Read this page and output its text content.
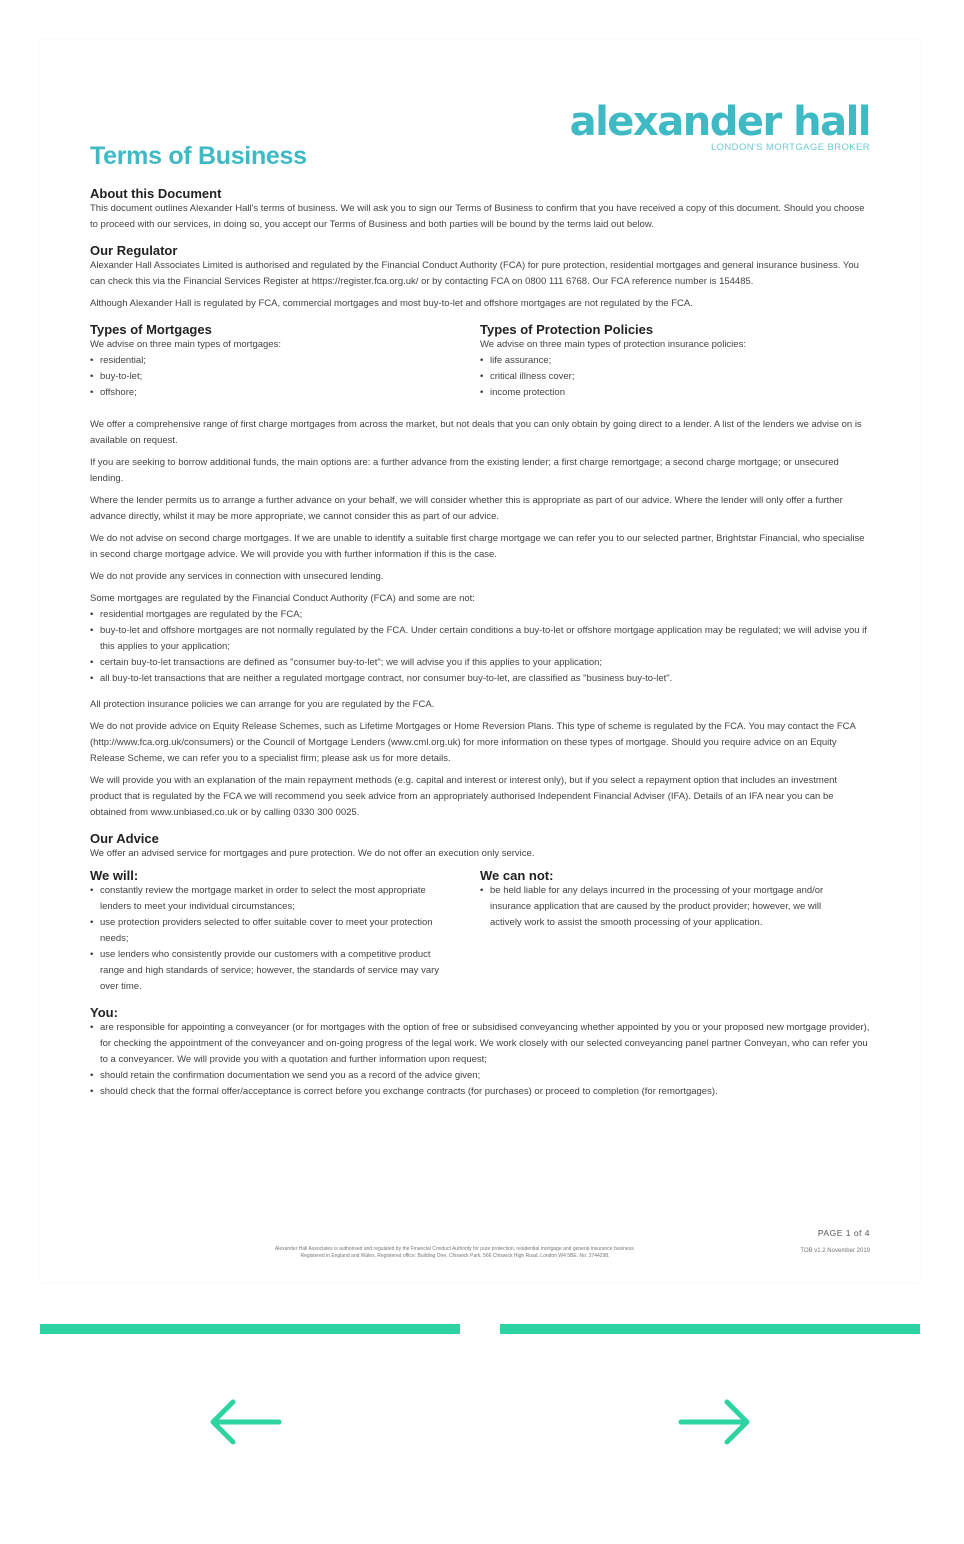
alexander hall
LONDON'S MORTGAGE BROKER
Terms of Business
About this Document

This document outlines Alexander Hall's terms of business. We will ask you to sign our Terms of Business to confirm that you have received a copy of this document. Should you choose to proceed with our services, in doing so, you accept our Terms of Business and both parties will be bound by the terms laid out below.

Our Regulator

Alexander Hall Associates Limited is authorised and regulated by the Financial Conduct Authority (FCA) for pure protection, residential mortgages and general insurance business. You can check this via the Financial Services Register at https://register.fca.org.uk/ or by contacting FCA on 0800 111 6768. Our FCA reference number is 154485.

Although Alexander Hall is regulated by FCA, commercial mortgages and most buy-to-let and offshore mortgages are not regulated by the FCA.

Types of Mortgages

We advise on three main types of mortgages:

• residential;
• buy-to-let;
• offshore;
Types of Protection Policies

We advise on three main types of protection insurance policies:

• life assurance;
• critical illness cover;
• income protection

We offer a comprehensive range of first charge mortgages from across the market, but not deals that you can only obtain by going direct to a lender. A list of the lenders we advise on is available on request.

If you are seeking to borrow additional funds, the main options are: a further advance from the existing lender; a first charge remortgage; a second charge mortgage; or unsecured lending.

Where the lender permits us to arrange a further advance on your behalf, we will consider whether this is appropriate as part of our advice. Where the lender will only offer a further advance directly, whilst it may be more appropriate, we cannot consider this as part of our advice.

We do not advise on second charge mortgages. If we are unable to identify a suitable first charge mortgage we can refer you to our selected partner, Brightstar Financial, who specialise in second charge mortgage advice. We will provide you with further information if this is the case.

We do not provide any services in connection with unsecured lending.

Some mortgages are regulated by the Financial Conduct Authority (FCA) and some are not:

• residential mortgages are regulated by the FCA;
• buy-to-let and offshore mortgages are not normally regulated by the FCA. Under certain conditions a buy-to-let or offshore mortgage application may be regulated; we will advise you if this applies to your application;
• certain buy-to-let transactions are defined as "consumer buy-to-let"; we will advise you if this applies to your application;
• all buy-to-let transactions that are neither a regulated mortgage contract, nor consumer buy-to-let, are classified as "business buy-to-let".

All protection insurance policies we can arrange for you are regulated by the FCA.

We do not provide advice on Equity Release Schemes, such as Lifetime Mortgages or Home Reversion Plans. This type of scheme is regulated by the FCA. You may contact the FCA (http://www.fca.org.uk/consumers) or the Council of Mortgage Lenders (www.cml.org.uk) for more information on these types of mortgage. Should you require advice on an Equity Release Scheme, we can refer you to a specialist firm; please ask us for more details.

We will provide you with an explanation of the main repayment methods (e.g. capital and interest or interest only), but if you select a repayment option that includes an investment product that is regulated by the FCA we will recommend you seek advice from an appropriately authorised Independent Financial Adviser (IFA). Details of an IFA near you can be obtained from www.unbiased.co.uk or by calling 0330 300 0025.

Our Advice

We offer an advised service for mortgages and pure protection. We do not offer an execution only service.

We will:
• constantly review the mortgage market in order to select the most appropriate lenders to meet your individual circumstances;
• use protection providers selected to offer suitable cover to meet your protection needs;
• use lenders who consistently provide our customers with a competitive product range and high standards of service; however, the standards of service may vary over time.
We can not:
• be held liable for any delays incurred in the processing of your mortgage and/or insurance application that are caused by the product provider; however, we will actively work to assist the smooth processing of your application.
You:
• are responsible for appointing a conveyancer (or for mortgages with the option of free or subsidised conveyancing whether appointed by you or your proposed new mortgage provider), for checking the appointment of the conveyancer and on-going progress of the legal work. We work closely with our selected conveyancing panel partner Conveyan, who can refer you to a conveyancer. We will provide you with a quotation and further information upon request;
• should retain the confirmation documentation we send you as a record of the advice given;
• should check that the formal offer/acceptance is correct before you exchange contracts (for purchases) or proceed to completion (for remortgages).
PAGE 1 of 4
Alexander Hall Associates is authorised and regulated by the Financial Conduct Authority for pure protection, residential mortgage and general insurance business.
Registered in England and Wales, Registered office: Building One, Chiswick Park, 566 Chiswick High Road, London W4 5BE. No: 3744298.
TOB v1.2 November 2019
